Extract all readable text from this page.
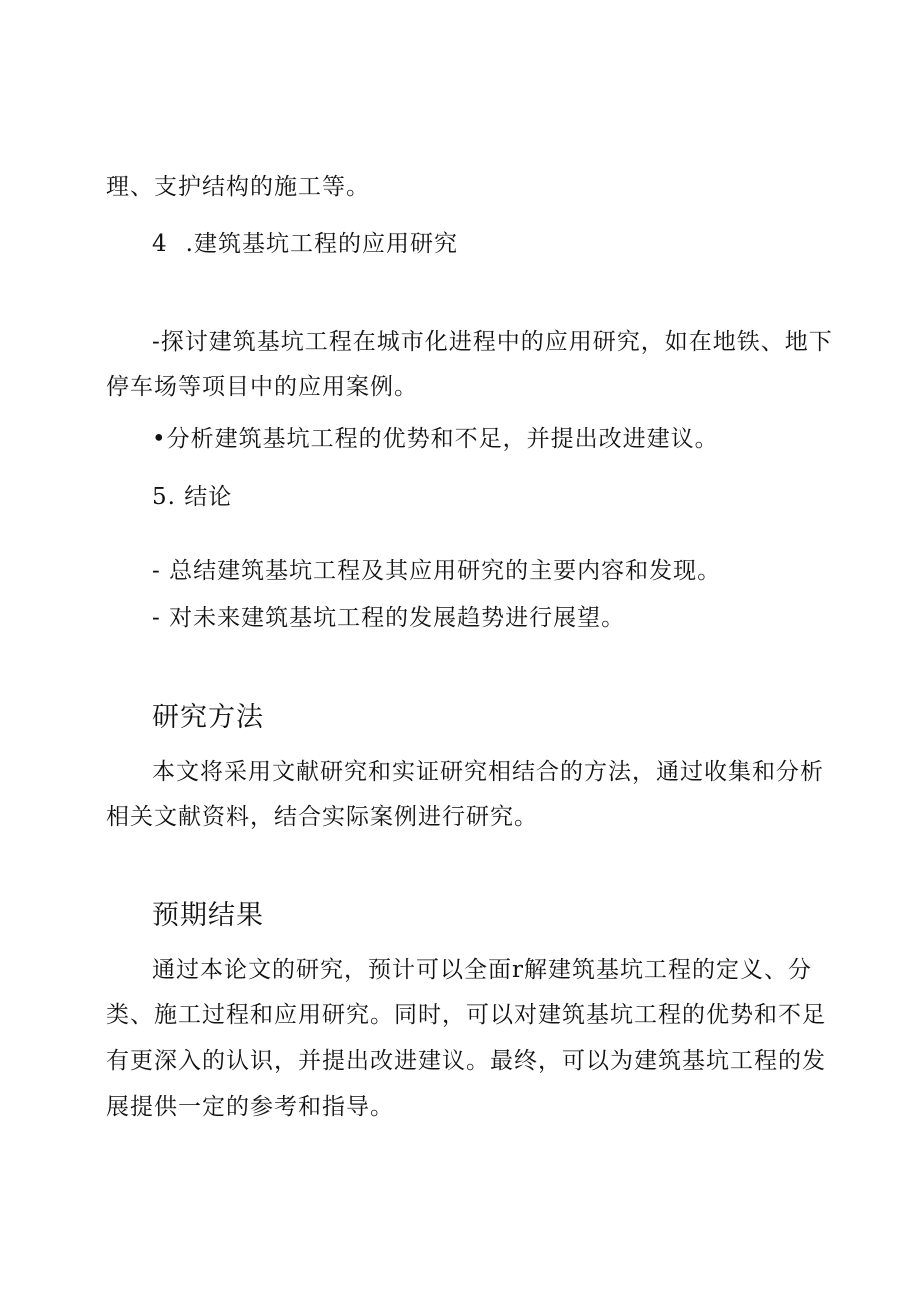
理、支护结构的施工等。
4 .建筑基坑工程的应用研究
-探讨建筑基坑工程在城市化进程中的应用研究，如在地铁、地下
停车场等项目中的应用案例。
•分析建筑基坑工程的优势和不足，并提出改进建议。
5. 结论
- 总结建筑基坑工程及其应用研究的主要内容和发现。
- 对未来建筑基坑工程的发展趋势进行展望。
研究方法
本文将采用文献研究和实证研究相结合的方法，通过收集和分析
相关文献资料，结合实际案例进行研究。
预期结果
通过本论文的研究，预计可以全面r解建筑基坑工程的定义、分
类、施工过程和应用研究。同时，可以对建筑基坑工程的优势和不足
有更深入的认识，并提出改进建议。最终，可以为建筑基坑工程的发
展提供一定的参考和指导。
